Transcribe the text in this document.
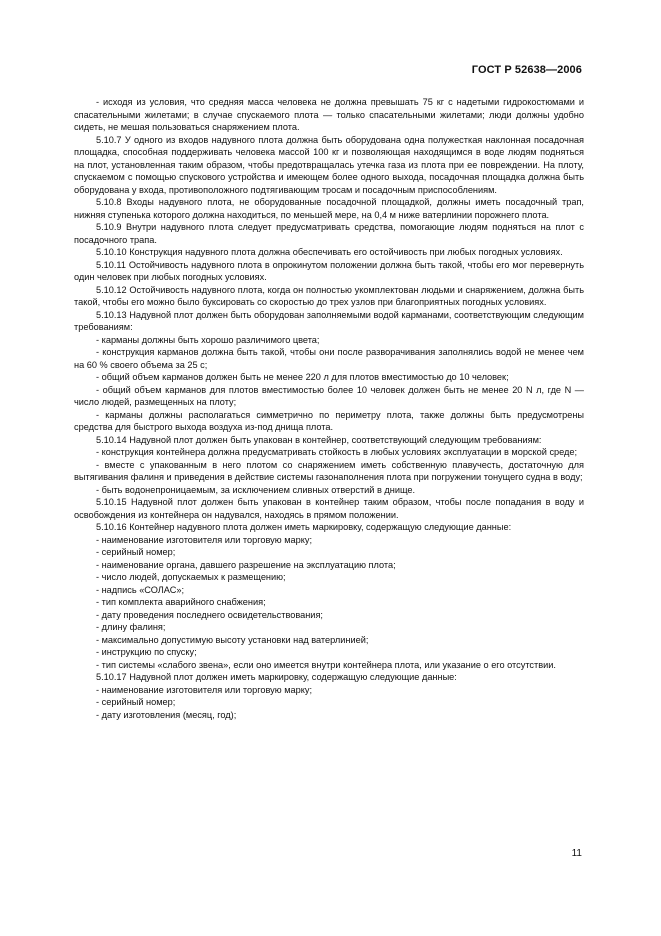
ГОСТ Р 52638—2006

- исходя из условия, что средняя масса человека не должна превышать 75 кг с надетыми гидрокостюмами и спасательными жилетами; в случае спускаемого плота — только спасательными жилетами; люди должны удобно сидеть, не мешая пользоваться снаряжением плота.

5.10.7 У одного из входов надувного плота должна быть оборудована одна полужесткая наклонная посадочная площадка, способная поддерживать человека массой 100 кг и позволяющая находящимся в воде людям подняться на плот, установленная таким образом, чтобы предотвращалась утечка газа из плота при ее повреждении. На плоту, спускаемом с помощью спускового устройства и имеющем более одного выхода, посадочная площадка должна быть оборудована у входа, противоположного подтягивающим тросам и посадочным приспособлениям.

5.10.8 Входы надувного плота, не оборудованные посадочной площадкой, должны иметь посадочный трап, нижняя ступенька которого должна находиться, по меньшей мере, на 0,4 м ниже ватерлинии порожнего плота.

5.10.9 Внутри надувного плота следует предусматривать средства, помогающие людям подняться на плот с посадочного трапа.

5.10.10 Конструкция надувного плота должна обеспечивать его остойчивость при любых погодных условиях.

5.10.11 Остойчивость надувного плота в опрокинутом положении должна быть такой, чтобы его мог перевернуть один человек при любых погодных условиях.

5.10.12 Остойчивость надувного плота, когда он полностью укомплектован людьми и снаряжением, должна быть такой, чтобы его можно было буксировать со скоростью до трех узлов при благоприятных погодных условиях.

5.10.13 Надувной плот должен быть оборудован заполняемыми водой карманами, соответствующим следующим требованиям:

- карманы должны быть хорошо различимого цвета;

- конструкция карманов должна быть такой, чтобы они после разворачивания заполнялись водой не менее чем на 60 % своего объема за 25 с;

- общий объем карманов должен быть не менее 220 л для плотов вместимостью до 10 человек;

- общий объем карманов для плотов вместимостью более 10 человек должен быть не менее 20 N л, где N — число людей, размещенных на плоту;

- карманы должны располагаться симметрично по периметру плота, также должны быть предусмотрены средства для быстрого выхода воздуха из-под днища плота.

5.10.14 Надувной плот должен быть упакован в контейнер, соответствующий следующим требованиям:

- конструкция контейнера должна предусматривать стойкость в любых условиях эксплуатации в морской среде;

- вместе с упакованным в него плотом со снаряжением иметь собственную плавучесть, достаточную для вытягивания фалиня и приведения в действие системы газонаполнения плота при погружении тонущего судна в воду;

- быть водонепроницаемым, за исключением сливных отверстий в днище.

5.10.15 Надувной плот должен быть упакован в контейнер таким образом, чтобы после попадания в воду и освобождения из контейнера он надувался, находясь в прямом положении.

5.10.16 Контейнер надувного плота должен иметь маркировку, содержащую следующие данные:

- наименование изготовителя или торговую марку;

- серийный номер;

- наименование органа, давшего разрешение на эксплуатацию плота;

- число людей, допускаемых к размещению;

- надпись «СОЛАС»;

- тип комплекта аварийного снабжения;

- дату проведения последнего освидетельствования;

- длину фалиня;

- максимально допустимую высоту установки над ватерлинией;

- инструкцию по спуску;

- тип системы «слабого звена», если оно имеется внутри контейнера плота, или указание о его отсутствии.

5.10.17 Надувной плот должен иметь маркировку, содержащую следующие данные:

- наименование изготовителя или торговую марку;

- серийный номер;

- дату изготовления (месяц, год);

11
